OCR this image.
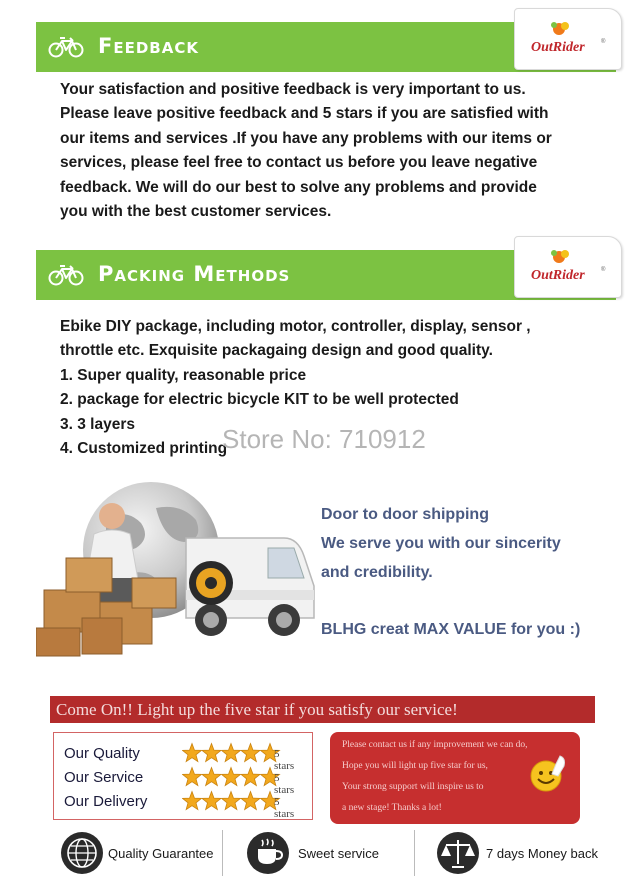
Feedback	OutRider	®
Your satisfaction and positive feedback is very important to us.
Please leave positive feedback and 5 stars if you are satisfied with
our items and services .If you have any problems with our items or
services, please feel free to contact us before you leave negative
feedback. We will do our best to solve any problems and provide
you with the best customer services.
Packing Methods	OutRider	®
Ebike DIY package, including motor, controller, display, sensor ,
throttle etc. Exquisite packagaing design and good quality.
1. Super quality, reasonable price
2. package for electric bicycle KIT to be well protected
3. 3 layers
4. Customized printing
Store No: 710912
Door to door shipping
We serve you with our sincerity
and credibility.
BLHG creat MAX VALUE for you :)
Come On!! Light up the five star if you satisfy our service!
Our Quality	5 stars
Our Service	5 stars
Our Delivery	5 stars
Please contact us if any improvement we can do,
Hope you will light up five star for us,
Your strong support will inspire us to
a new stage! Thanks a lot!
Quality Guarantee	Sweet service	7 days Money back
